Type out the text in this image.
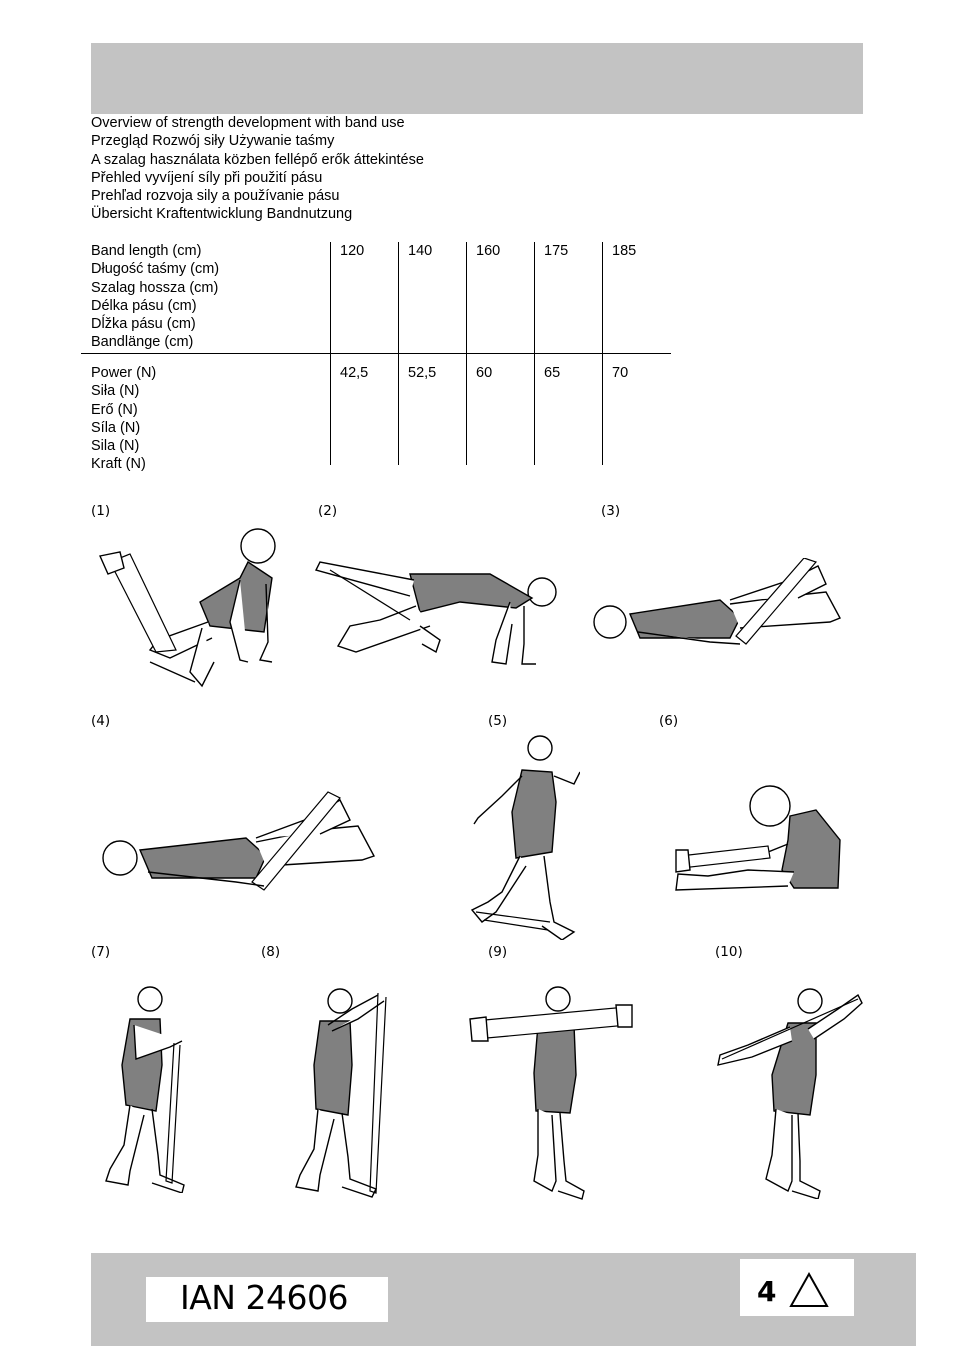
Overview of strength development with band use
Przegląd Rozwój siły Używanie taśmy
A szalag használata közben fellépő erők áttekintése
Přehled vyvíjení síly při použití pásu
Prehľad rozvoja sily a používanie pásu
Übersicht Kraftentwicklung Bandnutzung
Band length (cm)
Długość taśmy (cm)
Szalag hossza (cm)
Délka pásu (cm)
Dĺžka pásu (cm)
Bandlänge (cm)
120	140	160	175	185
Power (N)
Siła (N)
Erő (N)
Síla (N)
Sila (N)
Kraft (N)
42,5	52,5	60	65	70
(1)	(2)	(3)
(4)	(5)	(6)
(7)	(8)	(9)	(10)
IAN 24606	4
